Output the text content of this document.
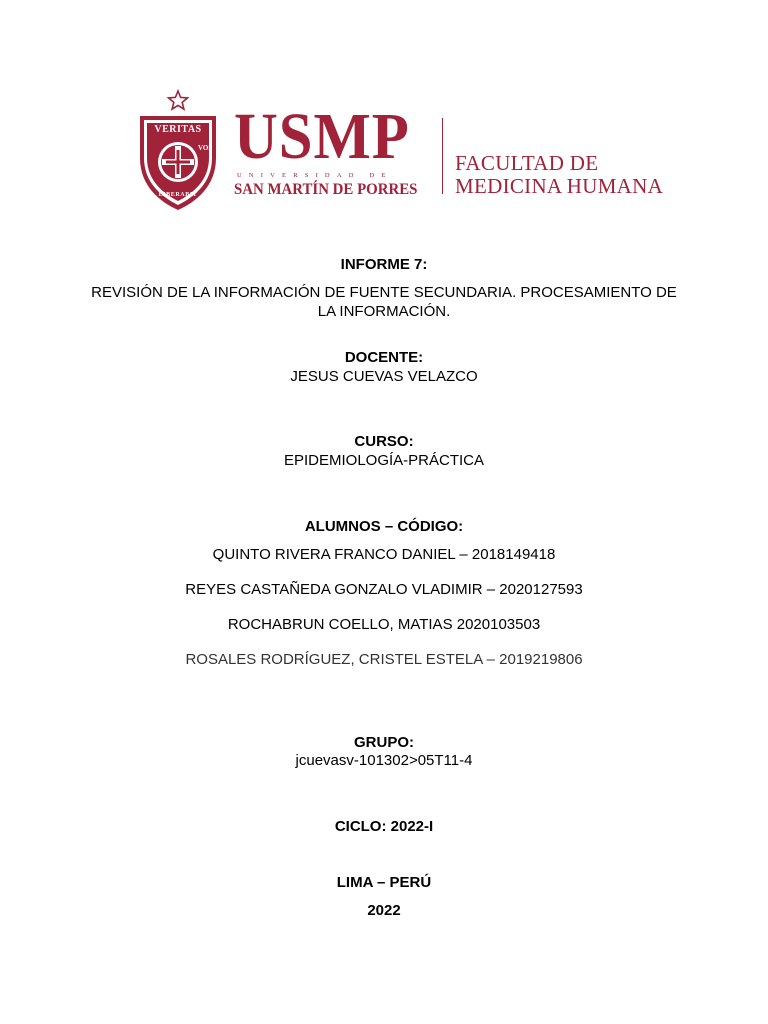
VERITAS
LIBERABIT
VOS USMP
UNIVERSIDAD DE
SAN MARTÍN DE PORRES
FACULTAD DE
MEDICINA HUMANA
INFORME 7:
REVISIÓN DE LA INFORMACIÓN DE FUENTE SECUNDARIA. PROCESAMIENTO DE LA INFORMACIÓN.
DOCENTE:
JESUS CUEVAS VELAZCO
CURSO:
EPIDEMIOLOGÍA-PRÁCTICA
ALUMNOS – CÓDIGO:
QUINTO RIVERA FRANCO DANIEL – 2018149418
REYES CASTAÑEDA GONZALO VLADIMIR – 2020127593
ROCHABRUN COELLO, MATIAS 2020103503
ROSALES RODRÍGUEZ, CRISTEL ESTELA – 2019219806
GRUPO:
jcuevasv-101302>05T11-4
CICLO: 2022-I
LIMA – PERÚ
2022
